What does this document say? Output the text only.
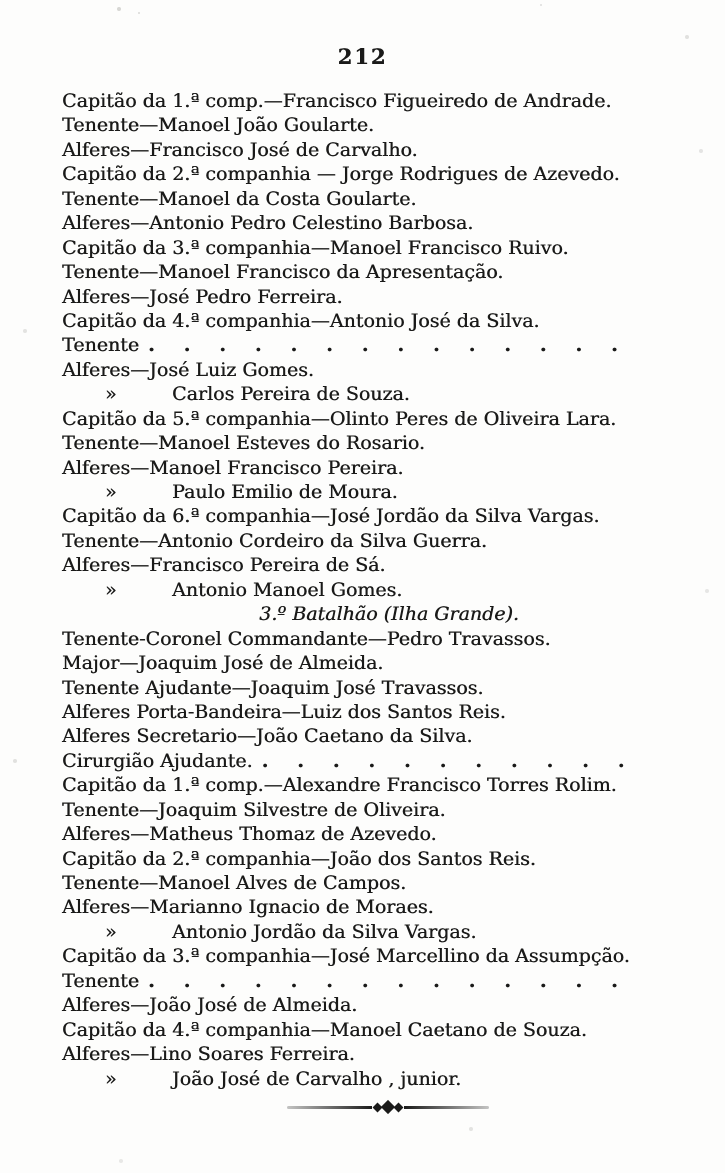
212
Capitão da 1.ª comp.—Francisco Figueiredo de Andrade.
Tenente—Manoel João Goularte.
Alferes—Francisco José de Carvalho.
Capitão da 2.ª companhia — Jorge Rodrigues de Azevedo.
Tenente—Manoel da Costa Goularte.
Alferes—Antonio Pedro Celestino Barbosa.
Capitão da 3.ª companhia—Manoel Francisco Ruivo.
Tenente—Manoel Francisco da Apresentação.
Alferes—José Pedro Ferreira.
Capitão da 4.ª companhia—Antonio José da Silva.
Tenente ..............
Alferes—José Luiz Gomes.
»	Carlos Pereira de Souza.
Capitão da 5.ª companhia—Olinto Peres de Oliveira Lara.
Tenente—Manoel Esteves do Rosario.
Alferes—Manoel Francisco Pereira.
»	Paulo Emilio de Moura.
Capitão da 6.ª companhia—José Jordão da Silva Vargas.
Tenente—Antonio Cordeiro da Silva Guerra.
Alferes—Francisco Pereira de Sá.
»	Antonio Manoel Gomes.
3.º Batalhão (Ilha Grande).
Tenente-Coronel Commandante—Pedro Travassos.
Major—Joaquim José de Almeida.
Tenente Ajudante—Joaquim José Travassos.
Alferes Porta-Bandeira—Luiz dos Santos Reis.
Alferes Secretario—João Caetano da Silva.
Cirurgião Ajudante. ...........
Capitão da 1.ª comp.—Alexandre Francisco Torres Rolim.
Tenente—Joaquim Silvestre de Oliveira.
Alferes—Matheus Thomaz de Azevedo.
Capitão da 2.ª companhia—João dos Santos Reis.
Tenente—Manoel Alves de Campos.
Alferes—Marianno Ignacio de Moraes.
»	Antonio Jordão da Silva Vargas.
Capitão da 3.ª companhia—José Marcellino da Assumpção.
Tenente ..............
Alferes—João José de Almeida.
Capitão da 4.ª companhia—Manoel Caetano de Souza.
Alferes—Lino Soares Ferreira.
»	João José de Carvalho , junior.
